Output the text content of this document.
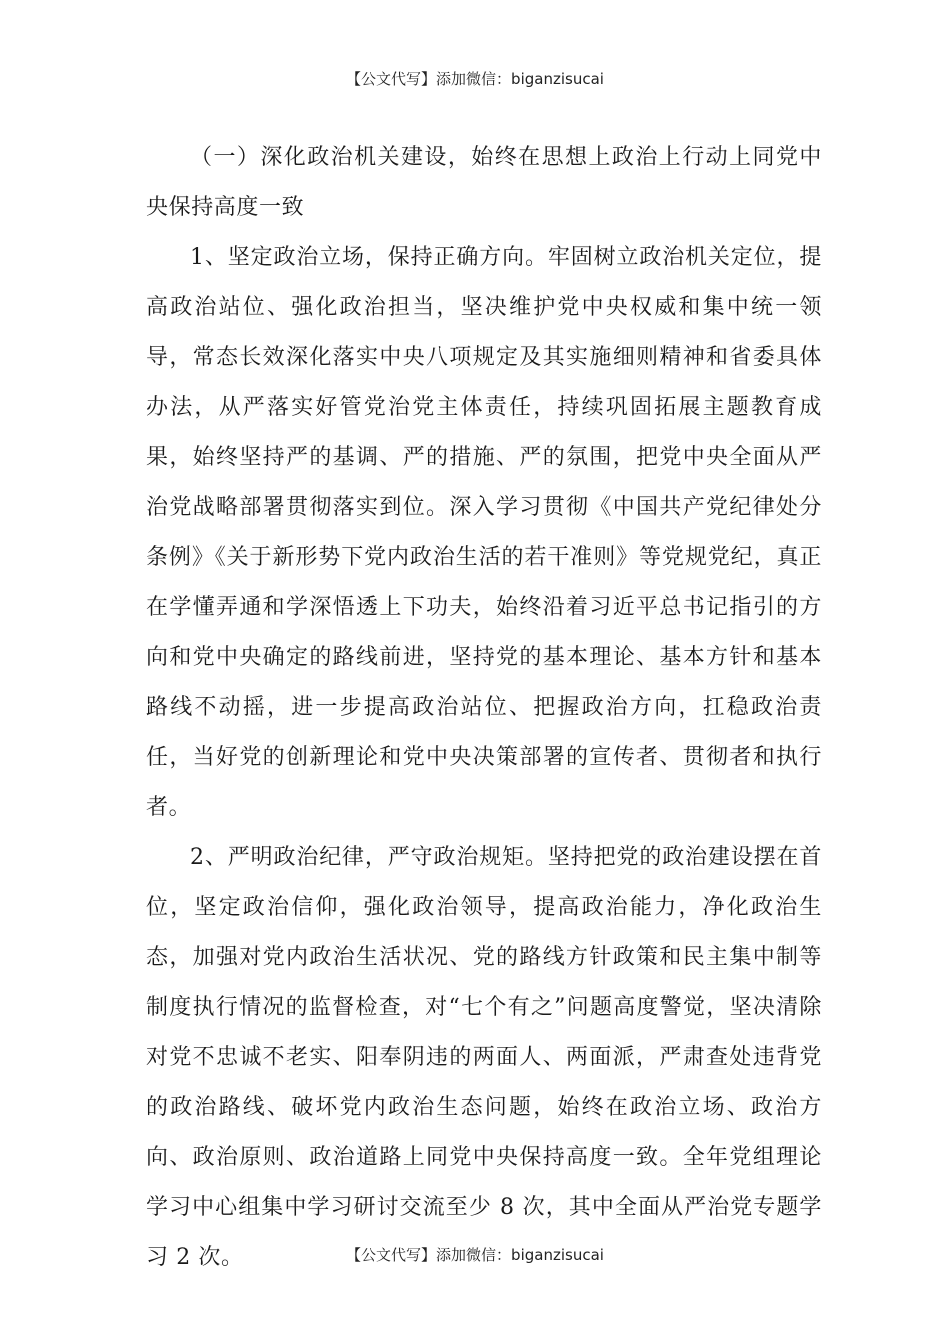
【公文代写】添加微信：biganzisucai

（一）深化政治机关建设，始终在思想上政治上行动上同党中央保持高度一致

1、坚定政治立场，保持正确方向。牢固树立政治机关定位，提高政治站位、强化政治担当，坚决维护党中央权威和集中统一领导，常态长效深化落实中央八项规定及其实施细则精神和省委具体办法，从严落实好管党治党主体责任，持续巩固拓展主题教育成果，始终坚持严的基调、严的措施、严的氛围，把党中央全面从严治党战略部署贯彻落实到位。深入学习贯彻《中国共产党纪律处分条例》《关于新形势下党内政治生活的若干准则》等党规党纪，真正在学懂弄通和学深悟透上下功夫，始终沿着习近平总书记指引的方向和党中央确定的路线前进，坚持党的基本理论、基本方针和基本路线不动摇，进一步提高政治站位、把握政治方向，扛稳政治责任，当好党的创新理论和党中央决策部署的宣传者、贯彻者和执行者。

2、严明政治纪律，严守政治规矩。坚持把党的政治建设摆在首位，坚定政治信仰，强化政治领导，提高政治能力，净化政治生态，加强对党内政治生活状况、党的路线方针政策和民主集中制等制度执行情况的监督检查，对“七个有之”问题高度警觉，坚决清除对党不忠诚不老实、阳奉阴违的两面人、两面派，严肃查处违背党的政治路线、破坏党内政治生态问题，始终在政治立场、政治方向、政治原则、政治道路上同党中央保持高度一致。全年党组理论学习中心组集中学习研讨交流至少 8 次，其中全面从严治党专题学习 2 次。	【公文代写】添加微信：biganzisucai
